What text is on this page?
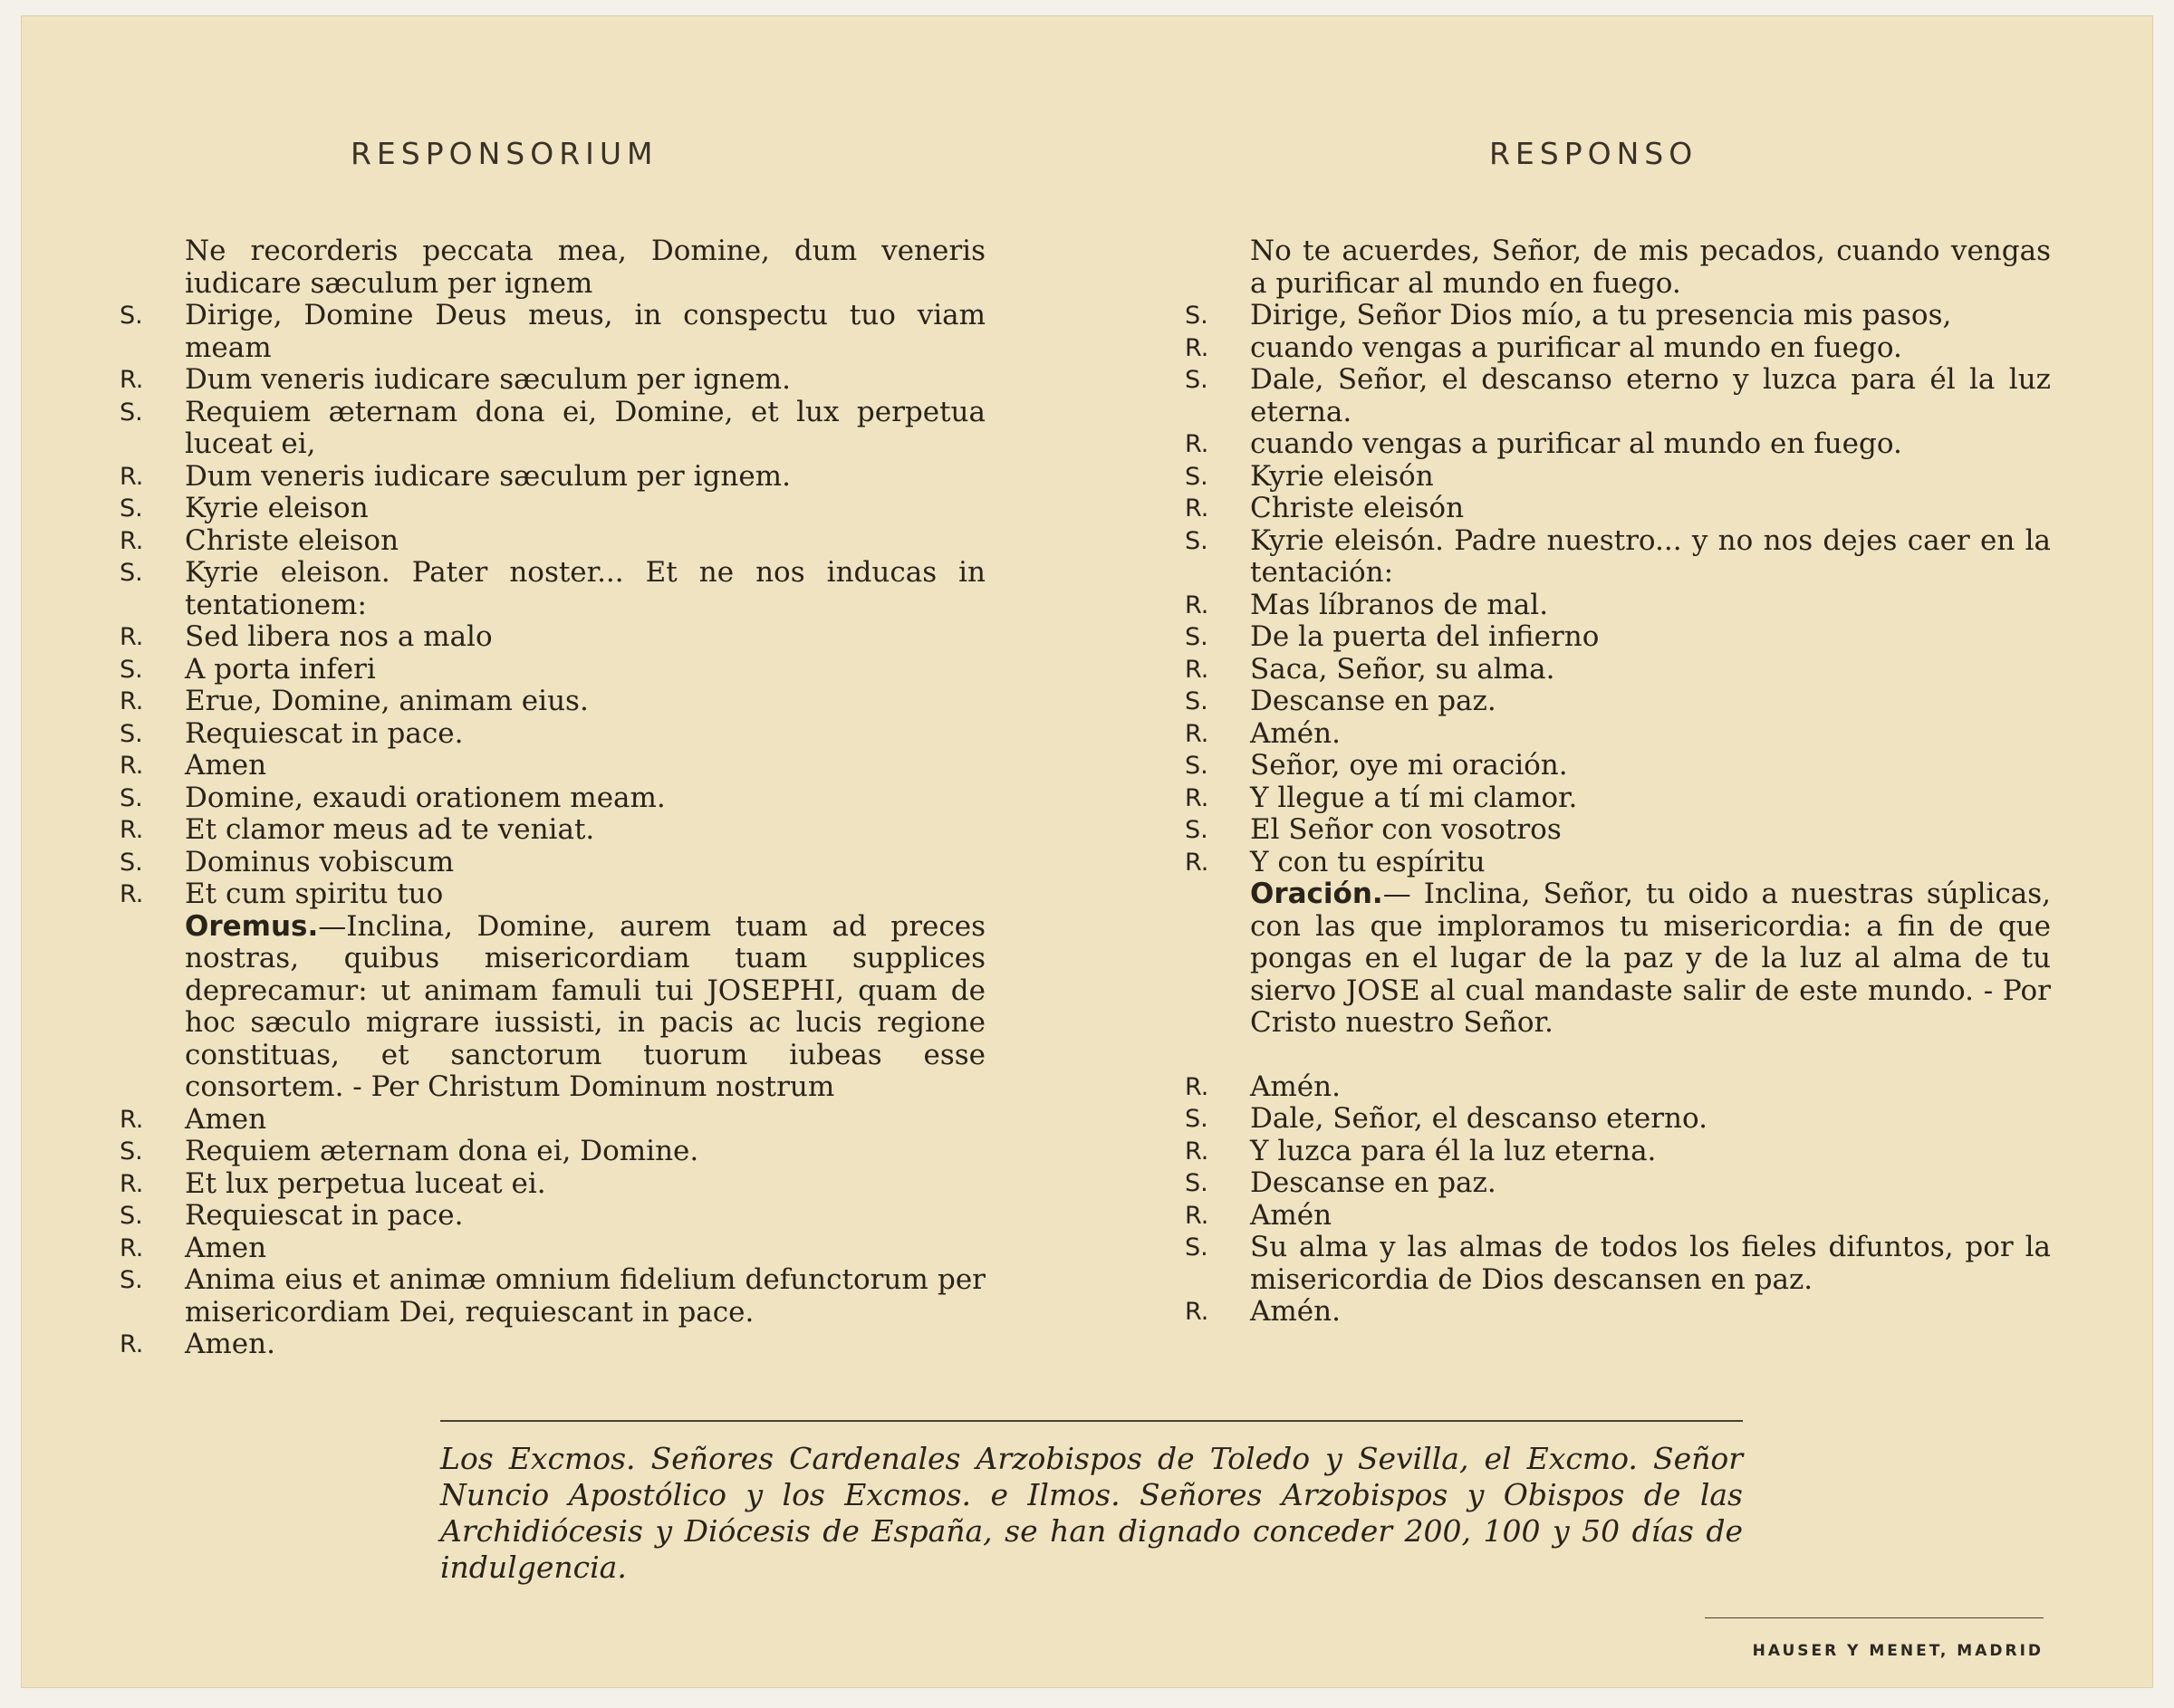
RESPONSORIUM	RESPONSO
Ne recorderis peccata mea, Domine, dum veneris iudicare sæculum per ignem
S.	Dirige, Domine Deus meus, in conspectu tuo viam meam
R.	Dum veneris iudicare sæculum per ignem.
S.	Requiem æternam dona ei, Domine, et lux perpetua luceat ei,
R.	Dum veneris iudicare sæculum per ignem.
S.	Kyrie eleison
R.	Christe eleison
S.	Kyrie eleison. Pater noster... Et ne nos inducas in tentationem:
R.	Sed libera nos a malo
S.	A porta inferi
R.	Erue, Domine, animam eius.
S.	Requiescat in pace.
R.	Amen
S.	Domine, exaudi orationem meam.
R.	Et clamor meus ad te veniat.
S.	Dominus vobiscum
R.	Et cum spiritu tuo
Oremus.—Inclina, Domine, aurem tuam ad preces nostras, quibus misericordiam tuam supplices deprecamur: ut animam famuli tui JOSEPHI, quam de hoc sæculo migrare iussisti, in pacis ac lucis regione constituas, et sanctorum tuorum iubeas esse consortem. - Per Christum Dominum nostrum
R.	Amen
S.	Requiem æternam dona ei, Domine.
R.	Et lux perpetua luceat ei.
S.	Requiescat in pace.
R.	Amen
S.	Anima eius et animæ omnium fidelium defunctorum per misericordiam Dei, requiescant in pace.
R.	Amen.
No te acuerdes, Señor, de mis pecados, cuando vengas a purificar al mundo en fuego.
S.	Dirige, Señor Dios mío, a tu presencia mis pasos,
R.	cuando vengas a purificar al mundo en fuego.
S.	Dale, Señor, el descanso eterno y luzca para él la luz eterna.
R.	cuando vengas a purificar al mundo en fuego.
S.	Kyrie eleisón
R.	Christe eleisón
S.	Kyrie eleisón. Padre nuestro... y no nos dejes caer en la tentación:
R.	Mas líbranos de mal.
S.	De la puerta del infierno
R.	Saca, Señor, su alma.
S.	Descanse en paz.
R.	Amén.
S.	Señor, oye mi oración.
R.	Y llegue a tí mi clamor.
S.	El Señor con vosotros
R.	Y con tu espíritu
Oración.— Inclina, Señor, tu oido a nuestras súplicas, con las que imploramos tu misericordia: a fin de que pongas en el lugar de la paz y de la luz al alma de tu siervo JOSE al cual mandaste salir de este mundo. - Por Cristo nuestro Señor.
R.	Amén.
S.	Dale, Señor, el descanso eterno.
R.	Y luzca para él la luz eterna.
S.	Descanse en paz.
R.	Amén
S.	Su alma y las almas de todos los fieles difuntos, por la misericordia de Dios descansen en paz.
R.	Amén.
Los Excmos. Señores Cardenales Arzobispos de Toledo y Sevilla, el Excmo. Señor Nuncio Apostólico y los Excmos. e Ilmos. Señores Arzobispos y Obispos de las Archidiócesis y Diócesis de España, se han dignado conceder 200, 100 y 50 días de indulgencia.
HAUSER Y MENET, MADRID
